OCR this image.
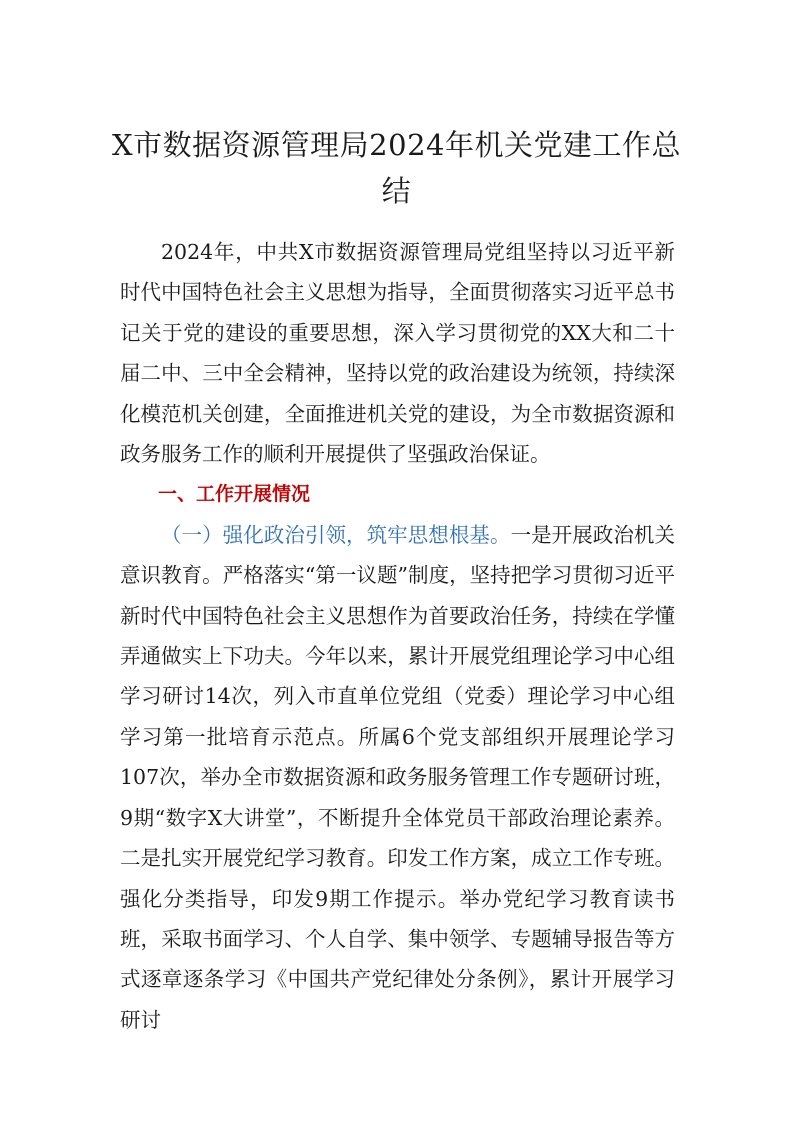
X市数据资源管理局2024年机关党建工作总结

2024年，中共X市数据资源管理局党组坚持以习近平新时代中国特色社会主义思想为指导，全面贯彻落实习近平总书记关于党的建设的重要思想，深入学习贯彻党的XX大和二十届二中、三中全会精神，坚持以党的政治建设为统领，持续深化模范机关创建，全面推进机关党的建设，为全市数据资源和政务服务工作的顺利开展提供了坚强政治保证。

一、工作开展情况

（一）强化政治引领，筑牢思想根基。一是开展政治机关意识教育。严格落实“第一议题”制度，坚持把学习贯彻习近平新时代中国特色社会主义思想作为首要政治任务，持续在学懂弄通做实上下功夫。今年以来，累计开展党组理论学习中心组学习研讨14次，列入市直单位党组（党委）理论学习中心组学习第一批培育示范点。所属6个党支部组织开展理论学习107次，举办全市数据资源和政务服务管理工作专题研讨班，9期“数字X大讲堂”，不断提升全体党员干部政治理论素养。二是扎实开展党纪学习教育。印发工作方案，成立工作专班。强化分类指导，印发9期工作提示。举办党纪学习教育读书班，采取书面学习、个人自学、集中领学、专题辅导报告等方式逐章逐条学习《中国共产党纪律处分条例》，累计开展学习研讨
